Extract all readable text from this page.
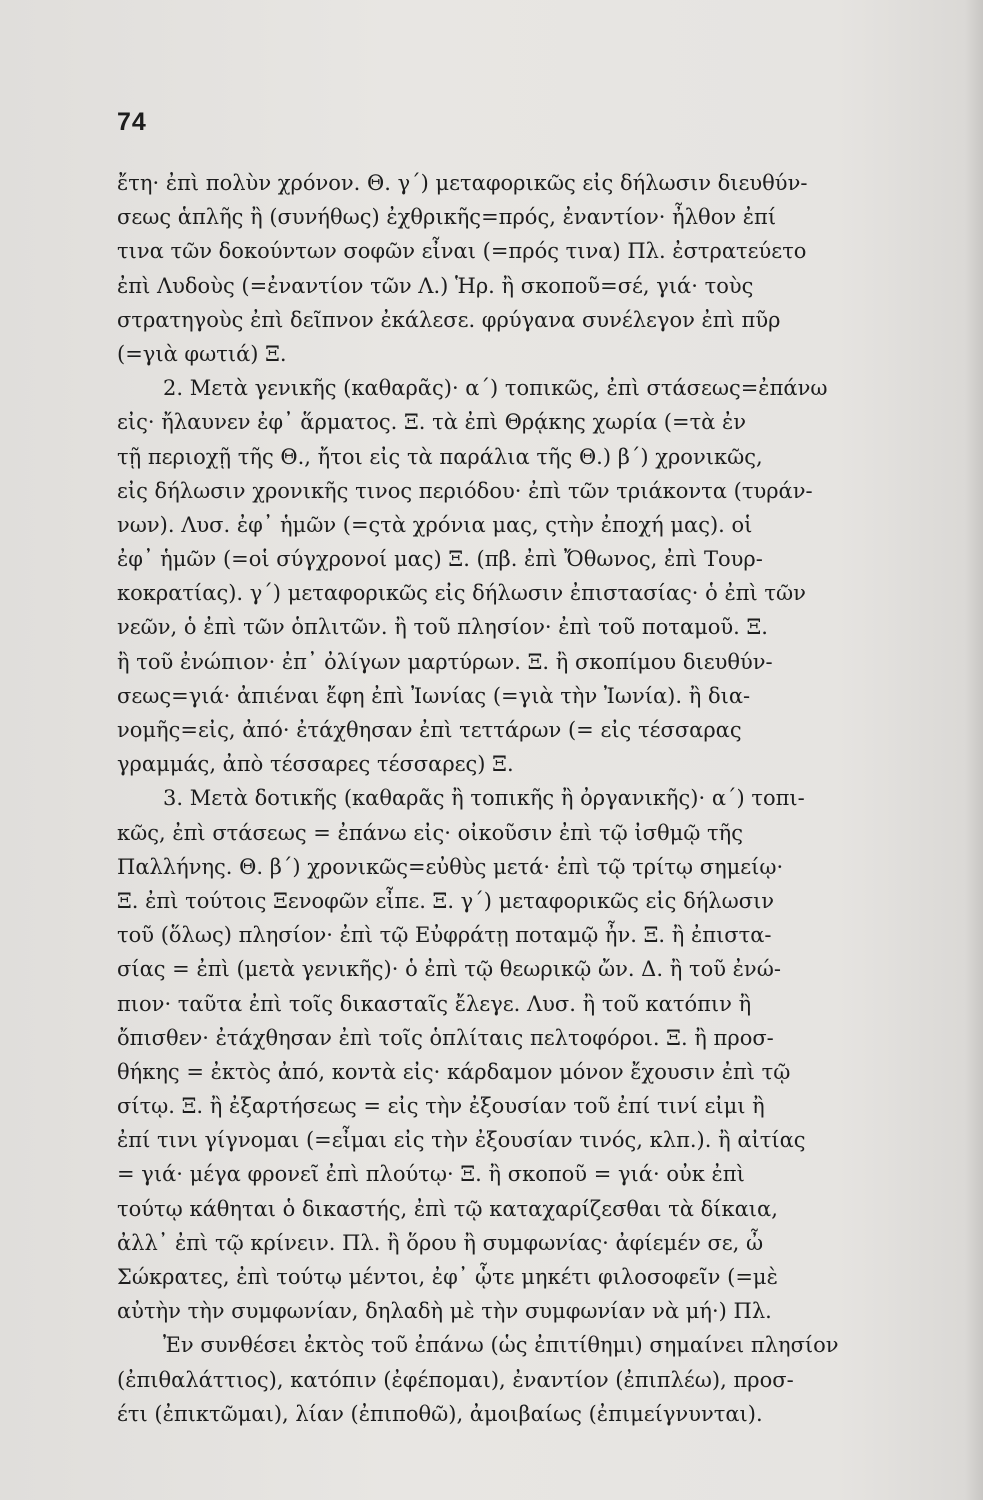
74
ἔτη· ἐπὶ πολὺν χρόνον. Θ. γ΄) μεταφορικῶς εἰς δήλωσιν διευθύν-
σεως ἁπλῆς ἢ (συνήθως) ἐχθρικῆς=πρός, ἐναντίον· ἦλθον ἐπί
τινα τῶν δοκούντων σοφῶν εἶναι (=πρός τινα) Πλ. ἐστρατεύετο
ἐπὶ Λυδοὺς (=ἐναντίον τῶν Λ.) Ἡρ. ἢ σκοποῦ=σέ, γιά· τοὺς
στρατηγοὺς ἐπὶ δεῖπνον ἐκάλεσε. φρύγανα συνέλεγον ἐπὶ πῦρ
(=γιὰ φωτιά) Ξ.
2. Μετὰ γενικῆς (καθαρᾶς)· α΄) τοπικῶς, ἐπὶ στάσεως=ἐπάνω
εἰς· ἤλαυνεν ἐφ᾽ ἅρματος. Ξ. τὰ ἐπὶ Θρᾴκης χωρία (=τὰ ἐν
τῇ περιοχῇ τῆς Θ., ἤτοι εἰς τὰ παράλια τῆς Θ.) β΄) χρονικῶς,
εἰς δήλωσιν χρονικῆς τινος περιόδου· ἐπὶ τῶν τριάκοντα (τυράν-
νων). Λυσ. ἐφ᾽ ἡμῶν (=ςτὰ χρόνια μας, ςτὴν ἐποχή μας). οἱ
ἐφ᾽ ἡμῶν (=οἱ σύγχρονοί μας) Ξ. (πβ. ἐπὶ Ὄθωνος, ἐπὶ Τουρ-
κοκρατίας). γ΄) μεταφορικῶς εἰς δήλωσιν ἐπιστασίας· ὁ ἐπὶ τῶν
νεῶν, ὁ ἐπὶ τῶν ὁπλιτῶν. ἢ τοῦ πλησίον· ἐπὶ τοῦ ποταμοῦ. Ξ.
ἢ τοῦ ἐνώπιον· ἐπ᾽ ὀλίγων μαρτύρων. Ξ. ἢ σκοπίμου διευθύν-
σεως=γιά· ἀπιέναι ἔφη ἐπὶ Ἰωνίας (=γιὰ τὴν Ἰωνία). ἢ δια-
νομῆς=εἰς, ἀπό· ἐτάχθησαν ἐπὶ τεττάρων (= εἰς τέσσαρας
γραμμάς, ἀπὸ τέσσαρες τέσσαρες) Ξ.
3. Μετὰ δοτικῆς (καθαρᾶς ἢ τοπικῆς ἢ ὀργανικῆς)· α΄) τοπι-
κῶς, ἐπὶ στάσεως = ἐπάνω εἰς· οἰκοῦσιν ἐπὶ τῷ ἰσθμῷ τῆς
Παλλήνης. Θ. β΄) χρονικῶς=εὐθὺς μετά· ἐπὶ τῷ τρίτῳ σημείῳ·
Ξ. ἐπὶ τούτοις Ξενοφῶν εἶπε. Ξ. γ΄) μεταφορικῶς εἰς δήλωσιν
τοῦ (ὅλως) πλησίον· ἐπὶ τῷ Εὐφράτῃ ποταμῷ ἦν. Ξ. ἢ ἐπιστα-
σίας = ἐπὶ (μετὰ γενικῆς)· ὁ ἐπὶ τῷ θεωρικῷ ὤν. Δ. ἢ τοῦ ἐνώ-
πιον· ταῦτα ἐπὶ τοῖς δικασταῖς ἔλεγε. Λυσ. ἢ τοῦ κατόπιν ἢ
ὄπισθεν· ἐτάχθησαν ἐπὶ τοῖς ὁπλίταις πελτοφόροι. Ξ. ἢ προσ-
θήκης = ἐκτὸς ἀπό, κοντὰ εἰς· κάρδαμον μόνον ἔχουσιν ἐπὶ τῷ
σίτῳ. Ξ. ἢ ἐξαρτήσεως = εἰς τὴν ἐξουσίαν τοῦ ἐπί τινί εἰμι ἢ
ἐπί τινι γίγνομαι (=εἶμαι εἰς τὴν ἐξουσίαν τινός, κλπ.). ἢ αἰτίας
= γιά· μέγα φρονεῖ ἐπὶ πλούτῳ· Ξ. ἢ σκοποῦ = γιά· οὐκ ἐπὶ
τούτῳ κάθηται ὁ δικαστής, ἐπὶ τῷ καταχαρίζεσθαι τὰ δίκαια,
ἀλλ᾽ ἐπὶ τῷ κρίνειν. Πλ. ἢ ὅρου ἢ συμφωνίας· ἀφίεμέν σε, ὦ
Σώκρατες, ἐπὶ τούτῳ μέντοι, ἐφ᾽ ᾧτε μηκέτι φιλοσοφεῖν (=μὲ
αὐτὴν τὴν συμφωνίαν, δηλαδὴ μὲ τὴν συμφωνίαν νὰ μή·) Πλ.
Ἐν συνθέσει ἐκτὸς τοῦ ἐπάνω (ὡς ἐπιτίθημι) σημαίνει πλησίον
(ἐπιθαλάττιος), κατόπιν (ἐφέπομαι), ἐναντίον (ἐπιπλέω), προσ-
έτι (ἐπικτῶμαι), λίαν (ἐπιποθῶ), ἀμοιβαίως (ἐπιμείγνυνται).
